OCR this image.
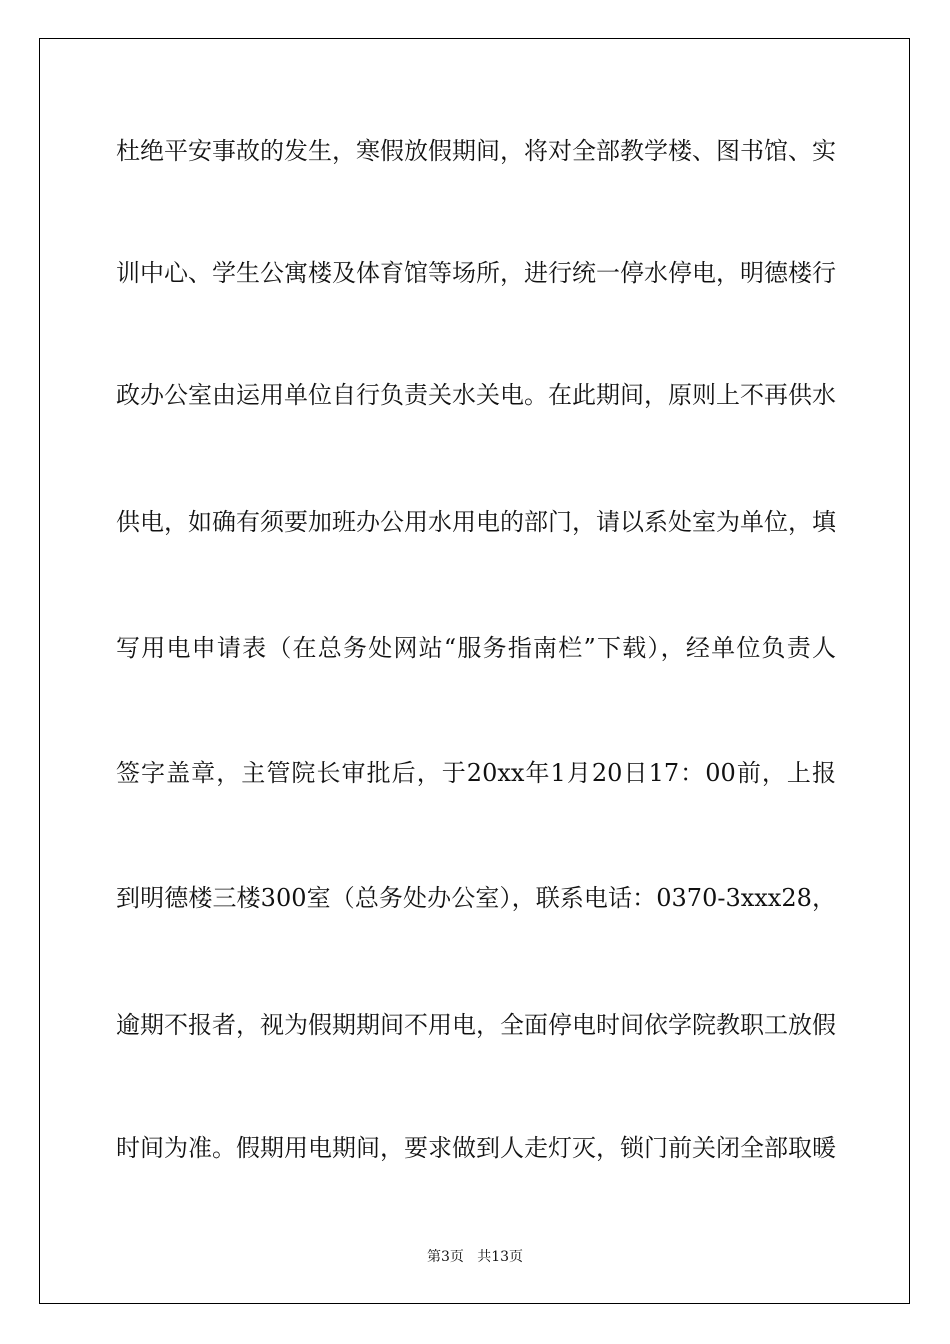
杜绝平安事故的发生，寒假放假期间，将对全部教学楼、图书馆、实
训中心、学生公寓楼及体育馆等场所，进行统一停水停电，明德楼行
政办公室由运用单位自行负责关水关电。在此期间，原则上不再供水
供电，如确有须要加班办公用水用电的部门，请以系处室为单位，填
写用电申请表（在总务处网站“服务指南栏”下载），经单位负责人
签字盖章，主管院长审批后，于20xx年1月20日17：00前，上报
到明德楼三楼300室（总务处办公室），联系电话：0370-3xxx28，
逾期不报者，视为假期期间不用电，全面停电时间依学院教职工放假
时间为准。假期用电期间，要求做到人走灯灭，锁门前关闭全部取暖
第3页   共13页
